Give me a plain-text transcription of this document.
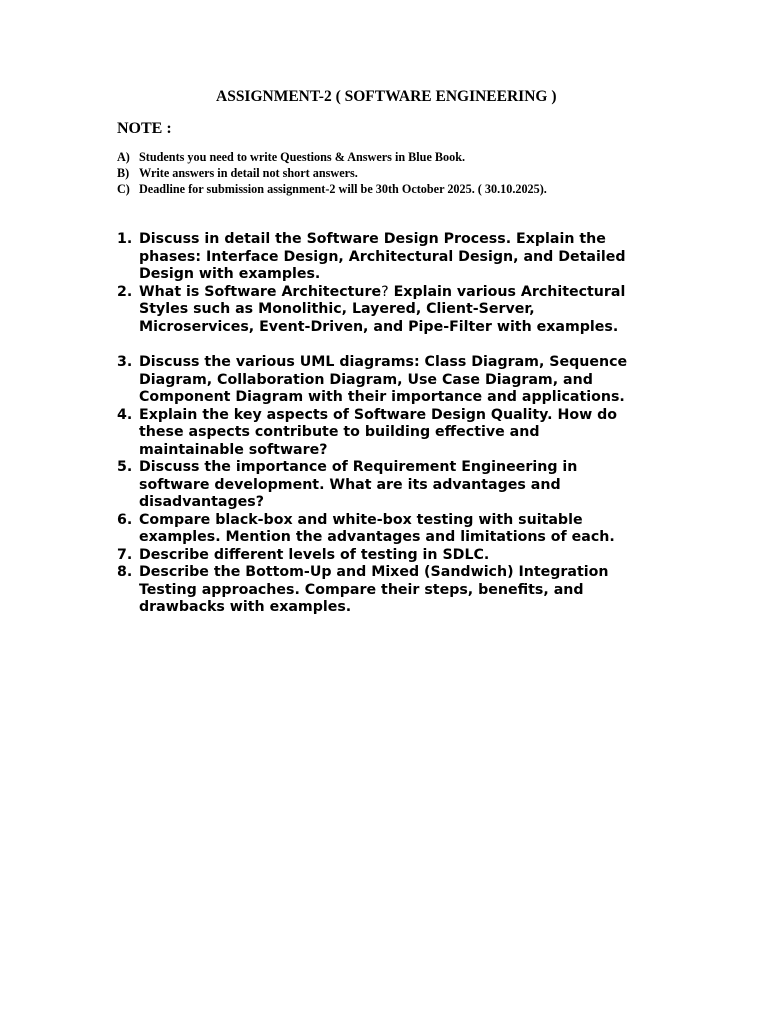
ASSIGNMENT-2 ( SOFTWARE ENGINEERING )
NOTE :
A) Students you need to write Questions & Answers in Blue Book.
B) Write answers in detail not short answers.
C) Deadline for submission assignment-2 will be 30th October 2025. ( 30.10.2025).
1. Discuss in detail the Software Design Process. Explain the
phases: Interface Design, Architectural Design, and Detailed
Design with examples.
2. What is Software Architecture? Explain various Architectural
Styles such as Monolithic, Layered, Client-Server,
Microservices, Event-Driven, and Pipe-Filter with examples.
3. Discuss the various UML diagrams: Class Diagram, Sequence
Diagram, Collaboration Diagram, Use Case Diagram, and
Component Diagram with their importance and applications.
4. Explain the key aspects of Software Design Quality. How do
these aspects contribute to building effective and
maintainable software?
5. Discuss the importance of Requirement Engineering in
software development. What are its advantages and
disadvantages?
6. Compare black-box and white-box testing with suitable
examples. Mention the advantages and limitations of each.
7. Describe different levels of testing in SDLC.
8. Describe the Bottom-Up and Mixed (Sandwich) Integration
Testing approaches. Compare their steps, benefits, and
drawbacks with examples.
